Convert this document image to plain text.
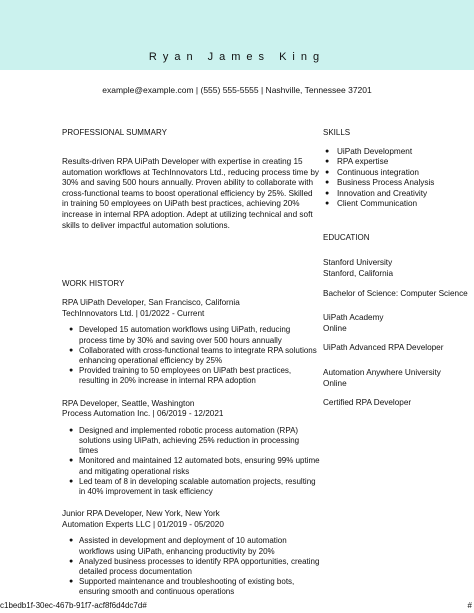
Ryan James King
example@example.com | (555) 555-5555 | Nashville, Tennessee 37201
PROFESSIONAL SUMMARY
Results-driven RPA UiPath Developer with expertise in creating 15 automation workflows at TechInnovators Ltd., reducing process time by 30% and saving 500 hours annually. Proven ability to collaborate with cross-functional teams to boost operational efficiency by 25%. Skilled in training 50 employees on UiPath best practices, achieving 20% increase in internal RPA adoption. Adept at utilizing technical and soft skills to deliver impactful automation solutions.
WORK HISTORY
RPA UiPath Developer, San Francisco, California
TechInnovators Ltd. | 01/2022 - Current
● Developed 15 automation workflows using UiPath, reducing process time by 30% and saving over 500 hours annually
● Collaborated with cross-functional teams to integrate RPA solutions enhancing operational efficiency by 25%
● Provided training to 50 employees on UiPath best practices, resulting in 20% increase in internal RPA adoption
RPA Developer, Seattle, Washington
Process Automation Inc. | 06/2019 - 12/2021
● Designed and implemented robotic process automation (RPA) solutions using UiPath, achieving 25% reduction in processing times
● Monitored and maintained 12 automated bots, ensuring 99% uptime and mitigating operational risks
● Led team of 8 in developing scalable automation projects, resulting in 40% improvement in task efficiency
Junior RPA Developer, New York, New York
Automation Experts LLC | 01/2019 - 05/2020
● Assisted in development and deployment of 10 automation workflows using UiPath, enhancing productivity by 20%
● Analyzed business processes to identify RPA opportunities, creating detailed process documentation
● Supported maintenance and troubleshooting of existing bots, ensuring smooth and continuous operations
SKILLS
● UiPath Development
● RPA expertise
● Continuous integration
● Business Process Analysis
● Innovation and Creativity
● Client Communication
EDUCATION
Stanford University
Stanford, California
Bachelor of Science: Computer Science
UiPath Academy
Online
UiPath Advanced RPA Developer
Automation Anywhere University
Online
Certified RPA Developer
c1bedb1f-30ec-467b-91f7-acf8f6d4dc7d#	#
